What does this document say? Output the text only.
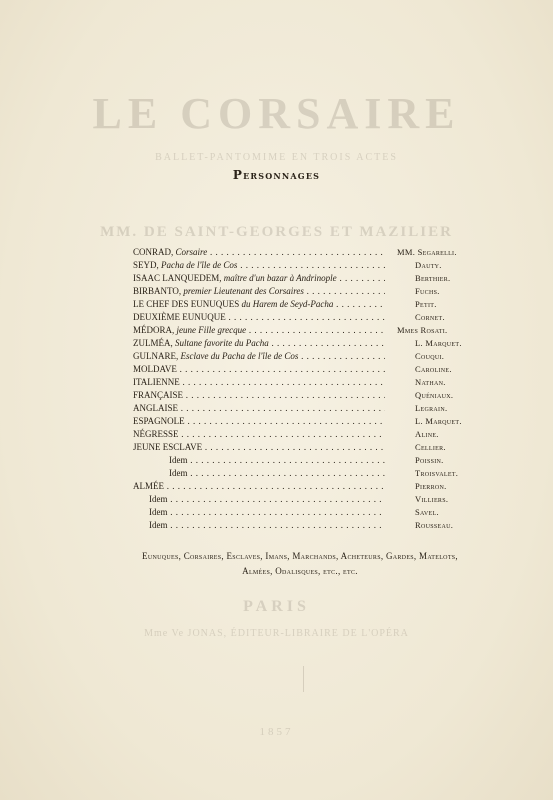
LE CORSAIRE
BALLET-PANTOMIME EN TROIS ACTES
MM. DE SAINT-GEORGES ET MAZILIER
PARIS
Mme Ve JONAS, ÉDITEUR-LIBRAIRE DE L'OPÉRA
1857
Personnages
CONRAD, Corsaire . . .	MM. Segarelli.
SEYD, Pacha de l'île de Cos . . .	Dauty.
ISAAC LANQUEDEM, maître d'un bazar à Andrinople . . .	Berthier.
BIRBANTO, premier Lieutenant des Corsaires . . .	Fuchs.
LE CHEF DES EUNUQUES du Harem de Seyd-Pacha . . .	Petit.
DEUXIÈME EUNUQUE . . .	Cornet.
MÉDORA, jeune Fille grecque . . .	Mmes Rosati.
ZULMÉA, Sultane favorite du Pacha . . .	L. Marquet.
GULNARE, Esclave du Pacha de l'île de Cos . . .	Couqui.
MOLDAVE . . .	Caroline.
ITALIENNE . . .	Nathan.
FRANÇAISE . . .	Quéniaux.
ANGLAISE . . .	Legrain.
ESPAGNOLE . . .	L. Marquet.
NÉGRESSE . . .	Aline.
JEUNE ESCLAVE . . .	Cellier.
Idem . . .	Poissin.
Idem . . .	Troisvalet.
ALMÉE . . .	Pierron.
Idem . . .	Villiers.
Idem . . .	Savel.
Idem . . .	Rousseau.
Eunuques, Corsaires, Esclaves, Imans, Marchands, Acheteurs, Gardes, Matelots,
Almées, Odalisques, etc., etc.
